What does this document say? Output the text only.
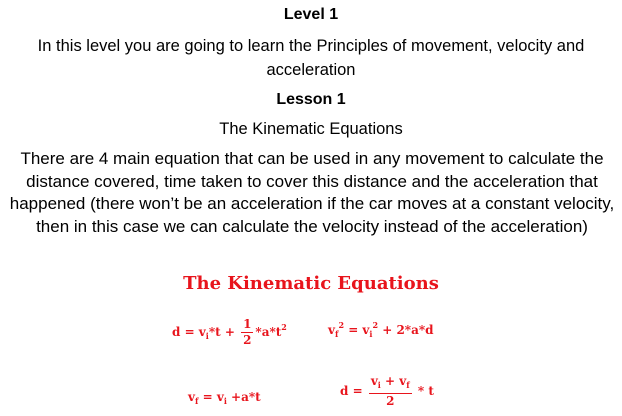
Level 1
In this level you are going to learn the Principles of movement, velocity and acceleration
Lesson 1
The Kinematic Equations
There are 4 main equation that can be used in any movement to calculate the distance covered, time taken to cover this distance and the acceleration that happened (there won’t be an acceleration if the car moves at a constant velocity, then in this case we can calculate the velocity instead of the acceleration)
The Kinematic Equations
$d = v_i*t + \frac{1}{2} *a*t^2$	$v_f^2 = v_i^2 + 2*a*d$
$v_f = v_i +a*t$	$d = \frac{v_i + v_f}{2} * t$
